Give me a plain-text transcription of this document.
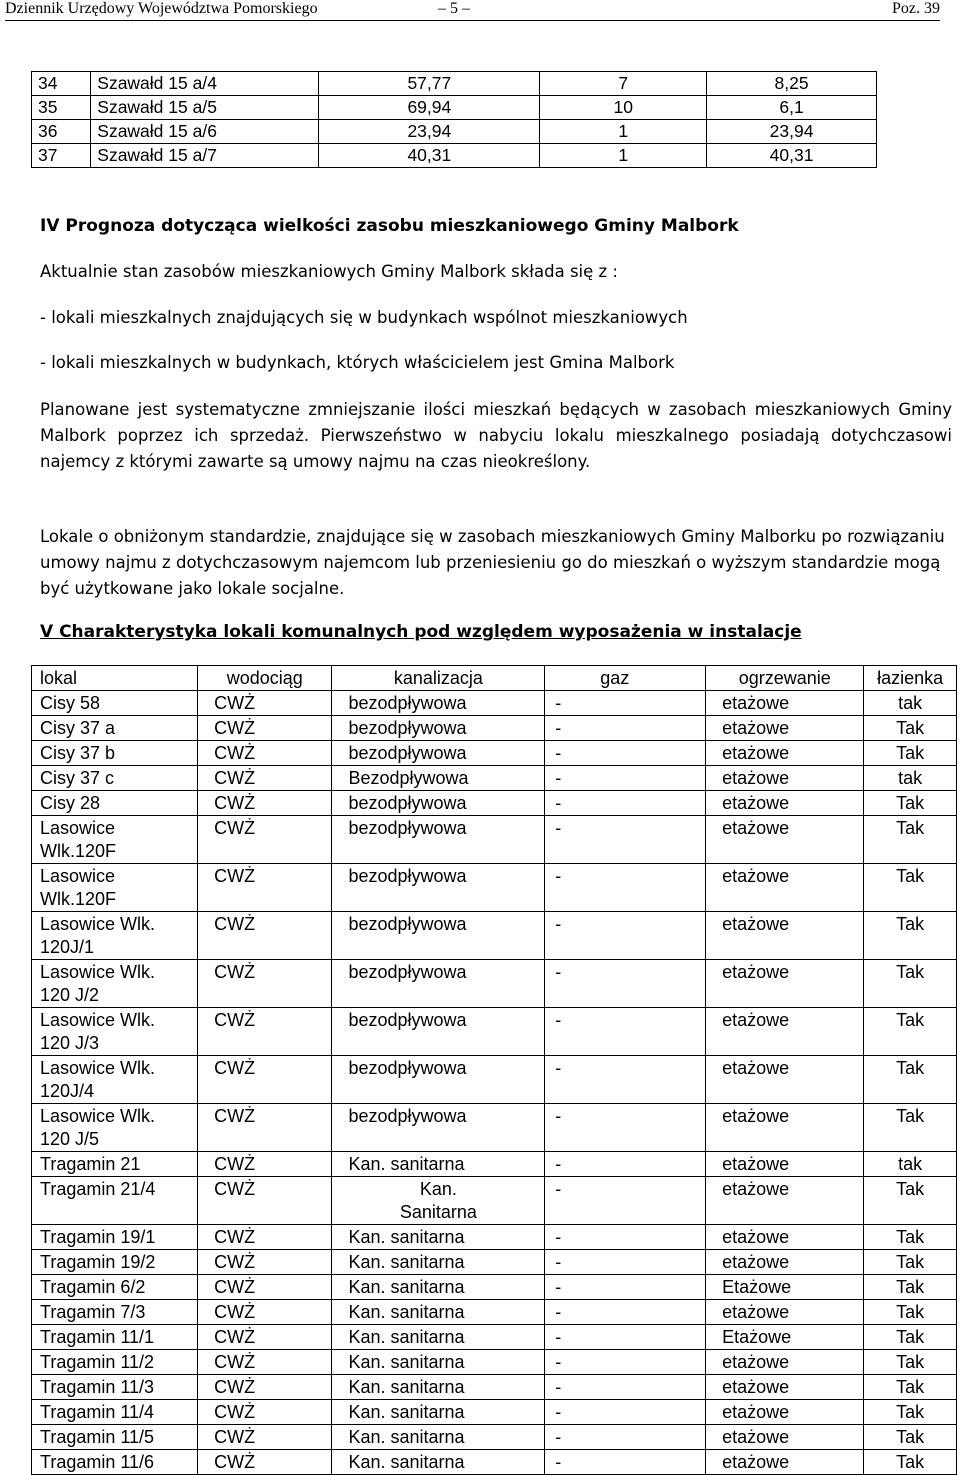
Dziennik Urzędowy Województwa Pomorskiego	– 5 –	Poz. 39
34	Szawałd 15 a/4	57,77	7	8,25
35	Szawałd 15 a/5	69,94	10	6,1
36	Szawałd 15 a/6	23,94	1	23,94
37	Szawałd 15 a/7	40,31	1	40,31

IV Prognoza dotycząca wielkości zasobu mieszkaniowego Gminy Malbork

Aktualnie stan zasobów mieszkaniowych Gminy Malbork składa się z :

- lokali mieszkalnych znajdujących się w budynkach wspólnot mieszkaniowych

- lokali mieszkalnych w budynkach, których właścicielem jest Gmina Malbork

Planowane jest systematyczne zmniejszanie ilości mieszkań będących w zasobach mieszkaniowych Gminy Malbork poprzez ich sprzedaż. Pierwszeństwo w nabyciu lokalu mieszkalnego posiadają dotychczasowi najemcy z którymi zawarte są umowy najmu na czas nieokreślony.

Lokale o obniżonym standardzie, znajdujące się w zasobach mieszkaniowych Gminy Malborku po rozwiązaniu umowy najmu z dotychczasowym najemcom lub przeniesieniu go do mieszkań o wyższym standardzie mogą być użytkowane jako lokale socjalne.

V Charakterystyka lokali komunalnych pod względem wyposażenia w instalacje

lokal	wodociąg	kanalizacja	gaz	ogrzewanie	łazienka
Cisy 58	CWŻ	bezodpływowa	-	etażowe	tak
Cisy 37 a	CWŻ	bezodpływowa	-	etażowe	Tak
Cisy 37 b	CWŻ	bezodpływowa	-	etażowe	Tak
Cisy 37 c	CWŻ	Bezodpływowa	-	etażowe	tak
Cisy 28	CWŻ	bezodpływowa	-	etażowe	Tak
Lasowice
Wlk.120F	CWŻ	bezodpływowa	-	etażowe	Tak
Lasowice
Wlk.120F	CWŻ	bezodpływowa	-	etażowe	Tak
Lasowice Wlk.
120J/1	CWŻ	bezodpływowa	-	etażowe	Tak
Lasowice Wlk.
120 J/2	CWŻ	bezodpływowa	-	etażowe	Tak
Lasowice Wlk.
120 J/3	CWŻ	bezodpływowa	-	etażowe	Tak
Lasowice Wlk.
120J/4	CWŻ	bezodpływowa	-	etażowe	Tak
Lasowice Wlk.
120 J/5	CWŻ	bezodpływowa	-	etażowe	Tak
Tragamin 21	CWŻ	Kan. sanitarna	-	etażowe	tak
Tragamin 21/4	CWŻ	Kan.
Sanitarna	-	etażowe	Tak
Tragamin 19/1	CWŻ	Kan. sanitarna	-	etażowe	Tak
Tragamin 19/2	CWŻ	Kan. sanitarna	-	etażowe	Tak
Tragamin 6/2	CWŻ	Kan. sanitarna	-	Etażowe	Tak
Tragamin 7/3	CWŻ	Kan. sanitarna	-	etażowe	Tak
Tragamin 11/1	CWŻ	Kan. sanitarna	-	Etażowe	Tak
Tragamin 11/2	CWŻ	Kan. sanitarna	-	etażowe	Tak
Tragamin 11/3	CWŻ	Kan. sanitarna	-	etażowe	Tak
Tragamin 11/4	CWŻ	Kan. sanitarna	-	etażowe	Tak
Tragamin 11/5	CWŻ	Kan. sanitarna	-	etażowe	Tak
Tragamin 11/6	CWŻ	Kan. sanitarna	-	etażowe	Tak
